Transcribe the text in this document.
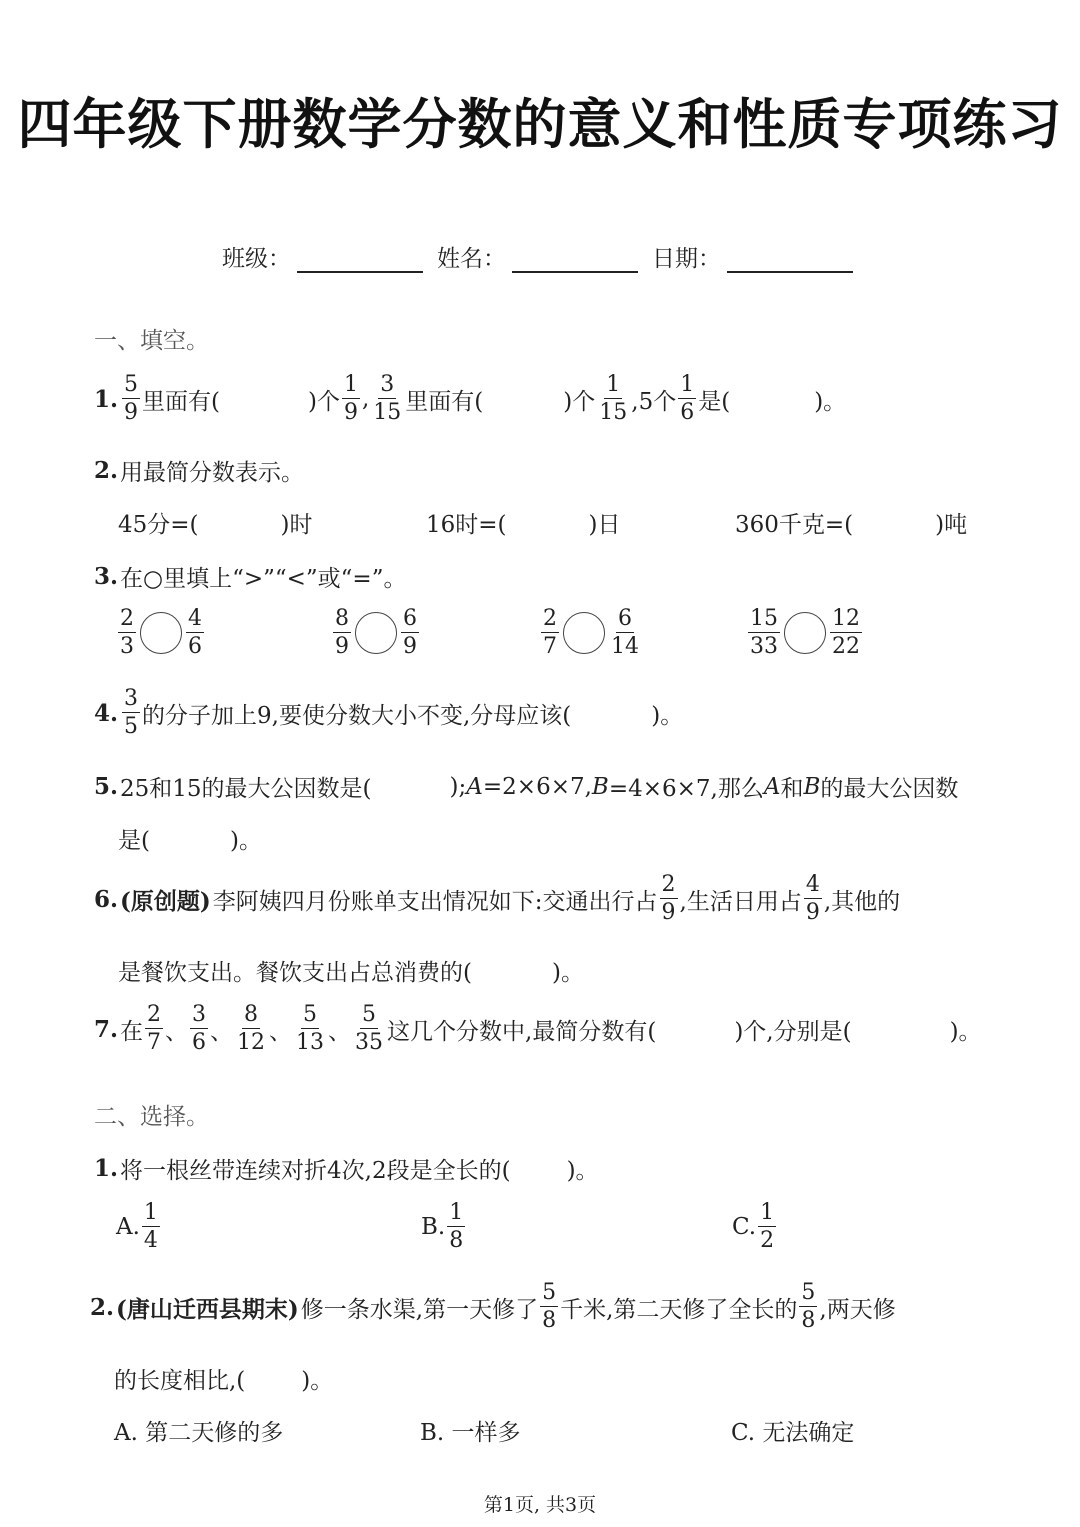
四年级下册数学分数的意义和性质专项练习
班级：	姓名：	日期：
一、填空。
1. $\frac{5}{9}$ 里面有(	)个 $\frac{1}{9}$ , $\frac{3}{15}$ 里面有(	)个 $\frac{1}{15} ,5$个 $\frac{1}{6}$ 是(	)。
2. 用最简分数表示。
45分=(	)时	16时=(	)日	360千克=(	)吨
3. 在○里填上“>”“<”或“=”。
$\frac{2}{3} \frac{4}{6}$	$\frac{8}{9} \frac{6}{9}$	$\frac{2}{7} \frac{6}{14}$	$\frac{15}{33} \frac{12}{22}$
4. $\frac{3}{5}$ 的分子加上9,要使分数大小不变,分母应该(	)。
5. 25和15的最大公因数是(	); A =2×6×7, B =4×6×7,那么 A 和 B 的最大公因数
是(	)。
6. (原创题) 李阿姨四月份账单支出情况如下:交通出行占 $\frac{2}{9}$ ,生活日用占 $\frac{4}{9}$ ,其他的
是餐饮支出。餐饮支出占总消费的(	)。
7. 在 $\frac{2}{7}$ 、 $\frac{3}{6}$ 、 $\frac{8}{12}$ 、 $\frac{5}{13}$ 、 $\frac{5}{35}$ 这几个分数中,最简分数有(	)个,分别是(	)。
二、选择。
1. 将一根丝带连续对折4次,2段是全长的( )。
A. $\frac{1}{4}$	B. $\frac{1}{8}$	C. $\frac{1}{2}$
2. (唐山迁西县期末) 修一条水渠,第一天修了 $\frac{5}{8}$ 千米,第二天修了全长的 $\frac{5}{8}$ ,两天修
的长度相比,( )。
A. 第二天修的多	B. 一样多	C. 无法确定
第1页, 共3页
